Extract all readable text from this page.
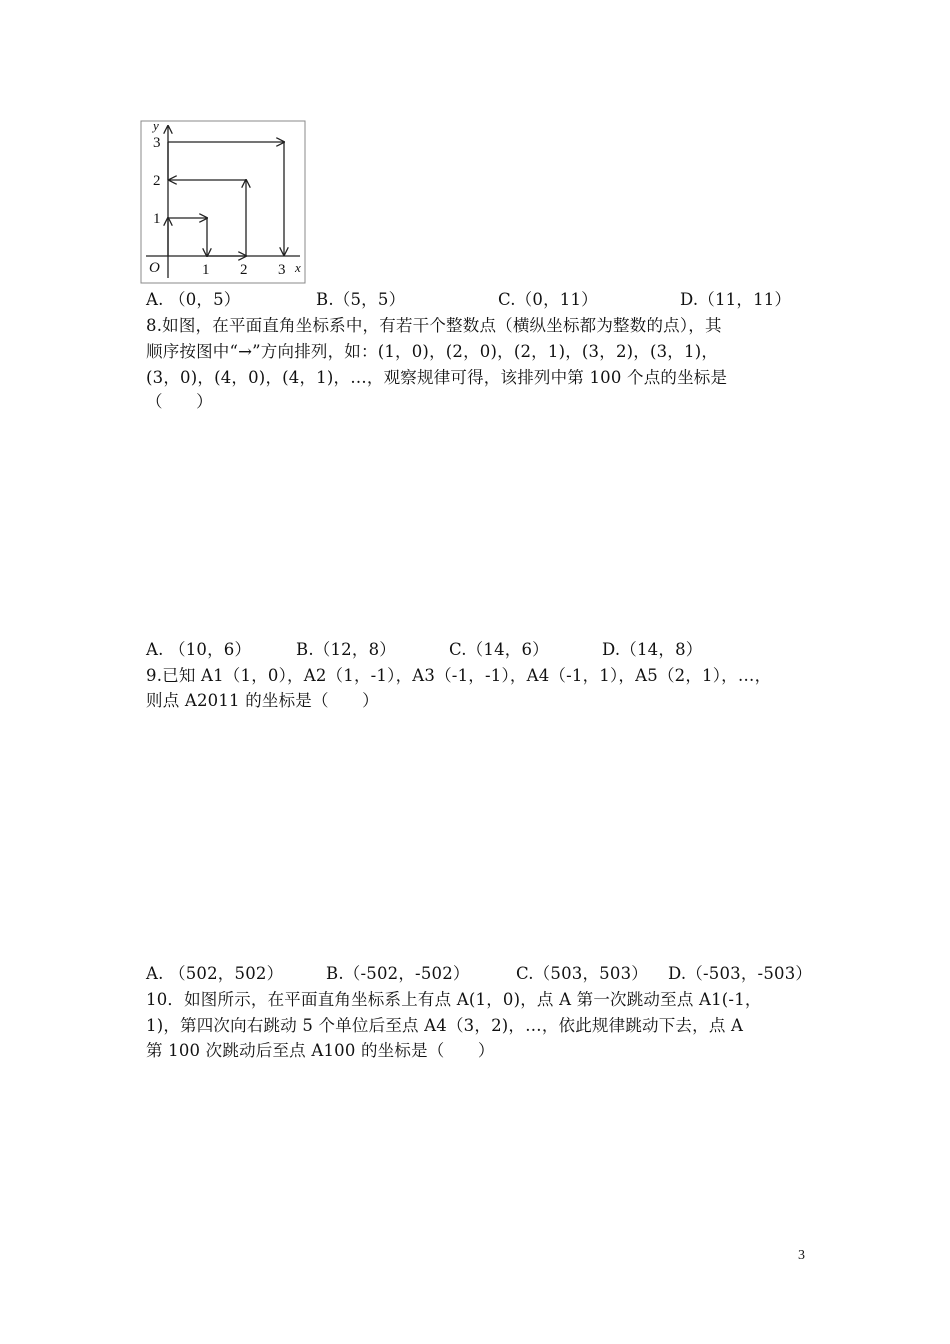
y
x
O	1 2 3
1
2
3
A. （0，5）	B.（5，5）	C.（0，11）	D.（11，11）
8.如图，在平面直角坐标系中，有若干个整数点（横纵坐标都为整数的点），其
顺序按图中“→”方向排列，如：(1，0)，(2，0)，(2，1)，(3，2)，(3，1)，
(3，0)，(4，0)，(4，1)，…，观察规律可得，该排列中第 100 个点的坐标是
（　　）
A. （10，6）	B.（12，8）	C.（14，6）	D.（14，8）
9.已知 A1（1，0），A2（1，-1），A3（-1，-1），A4（-1，1），A5（2，1），…，
则点 A2011 的坐标是（　　）
A. （502，502）	B.（-502，-502）	C.（503，503）	D.（-503，-503）
10．如图所示，在平面直角坐标系上有点 A(1，0)，点 A 第一次跳动至点 A1(-1，
1)，第四次向右跳动 5 个单位后至点 A4（3，2)，…，依此规律跳动下去，点 A
第 100 次跳动后至点 A100 的坐标是（　　）
3
